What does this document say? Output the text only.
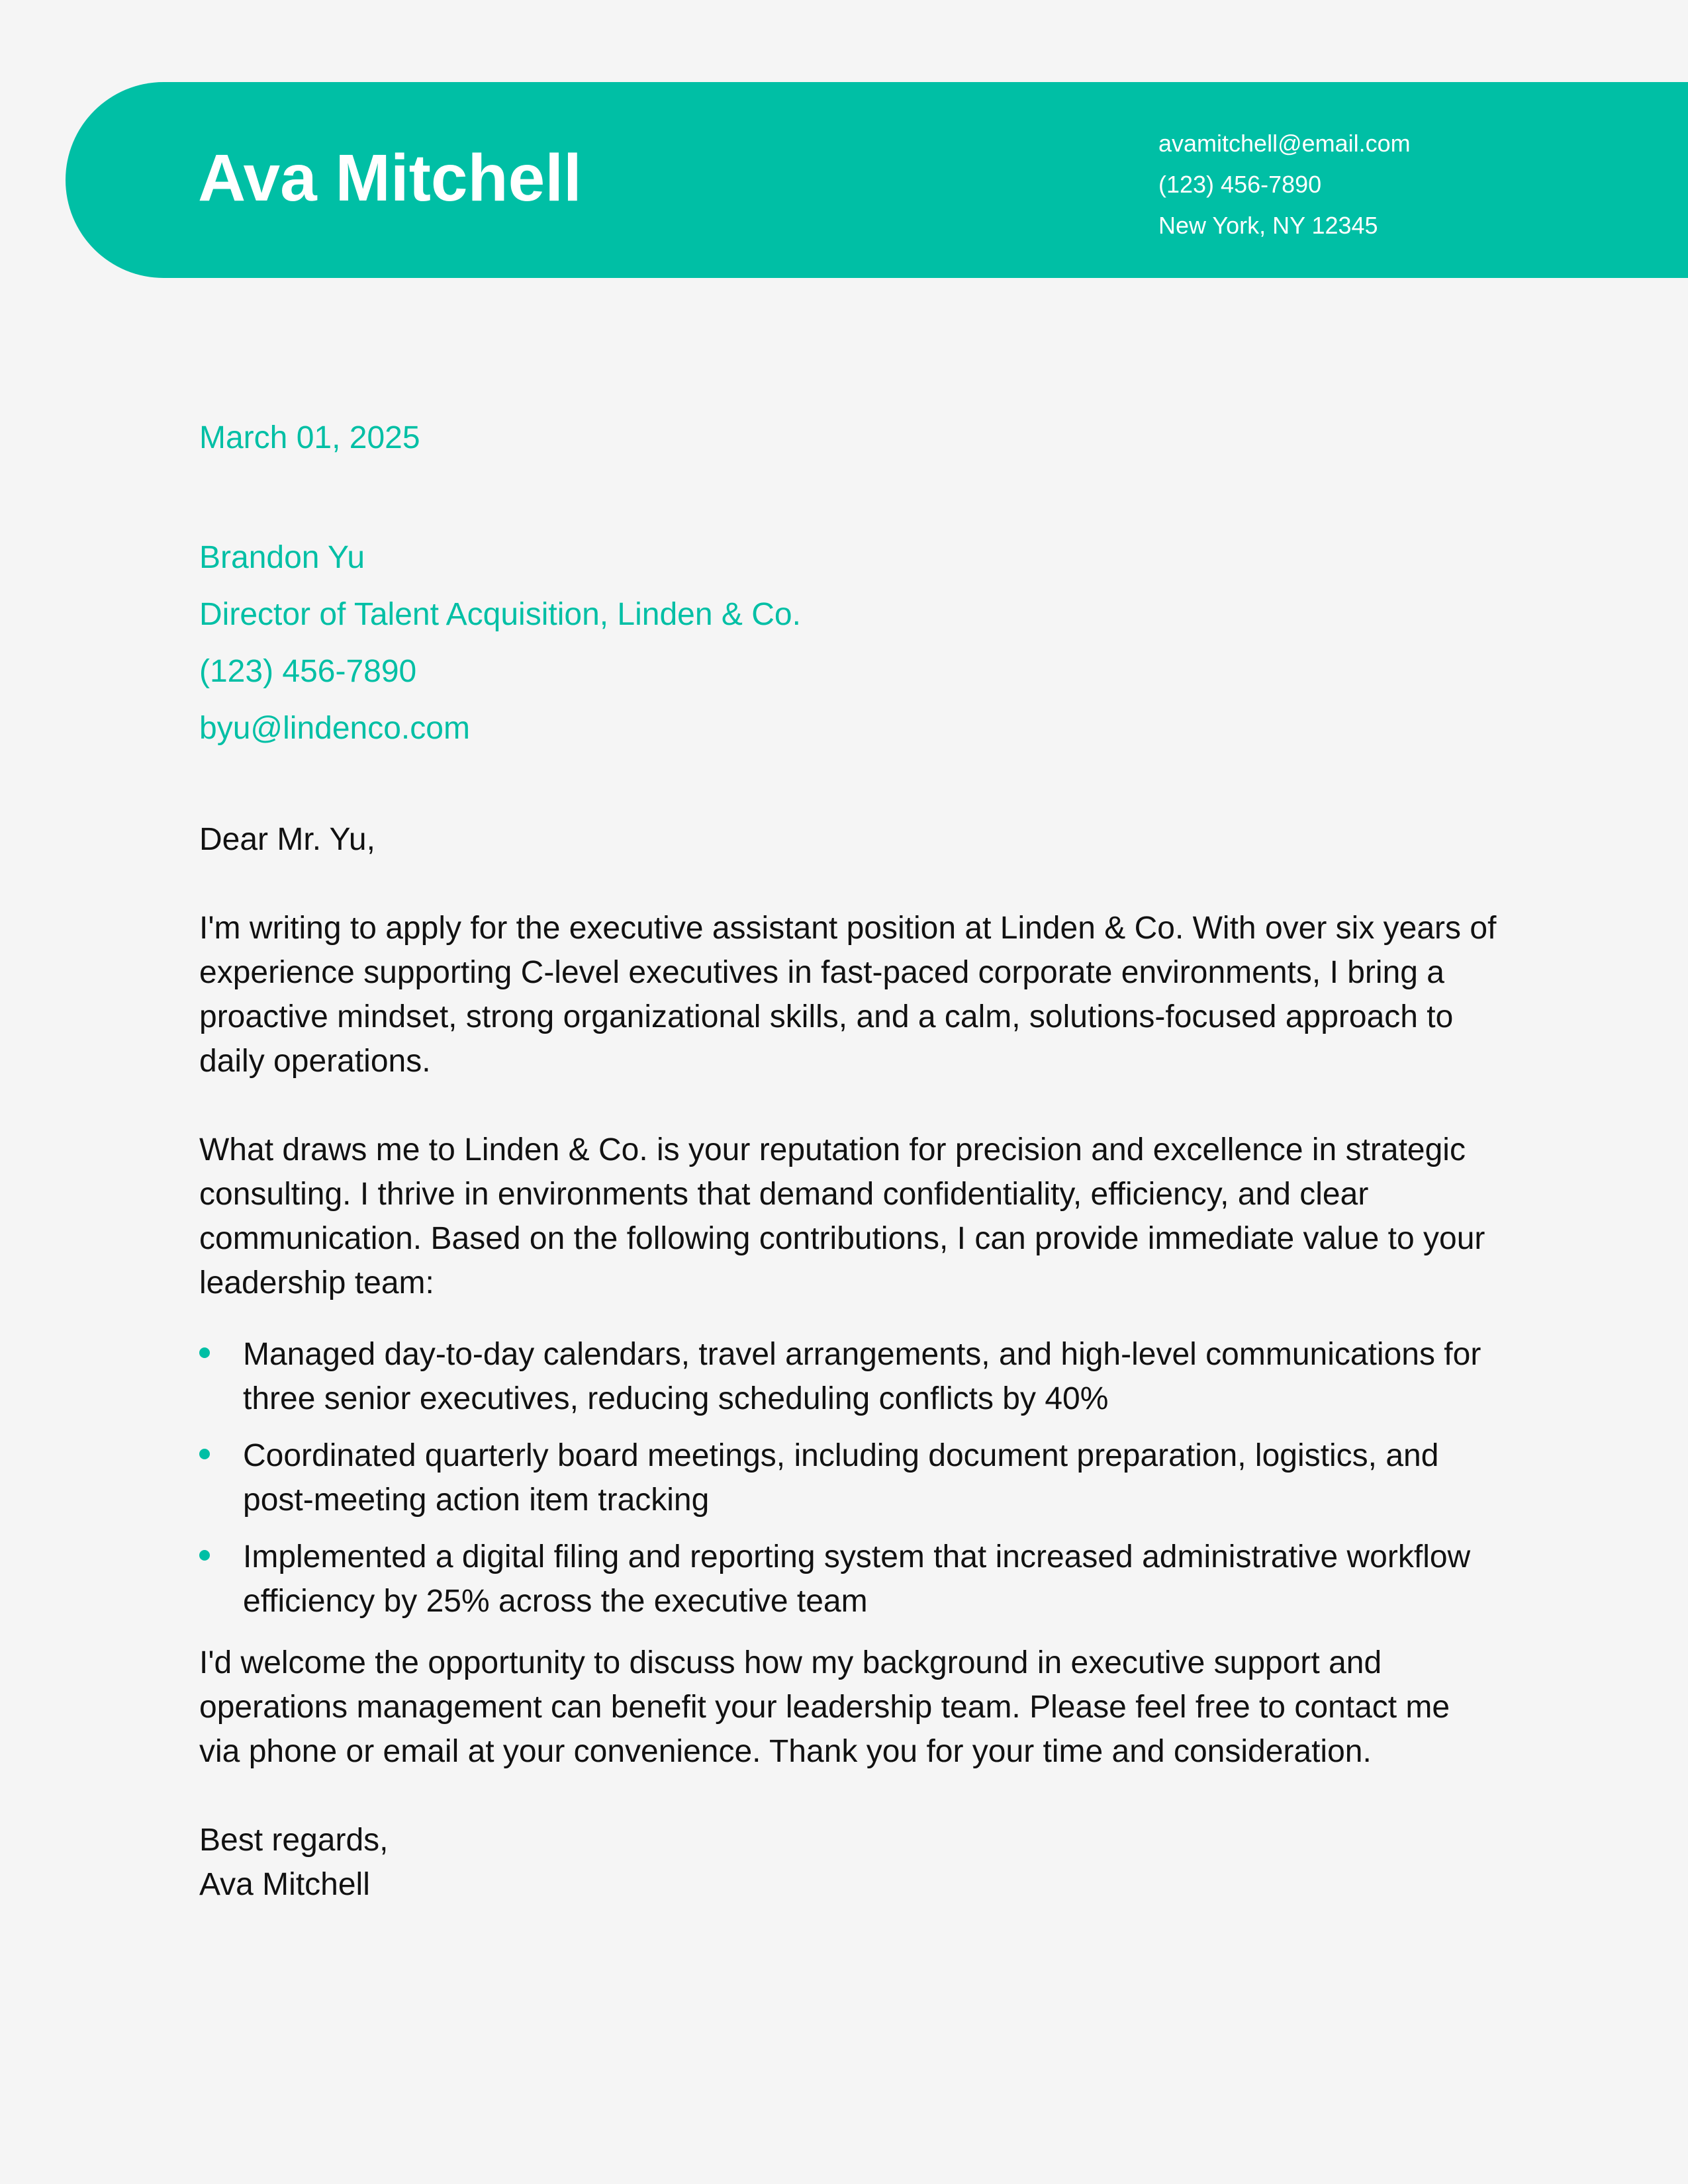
Ava Mitchell	avamitchell@email.com
(123) 456-7890
New York, NY 12345
March 01, 2025
Brandon Yu
Director of Talent Acquisition, Linden & Co.
(123) 456-7890
byu@lindenco.com

Dear Mr. Yu,

I'm writing to apply for the executive assistant position at Linden & Co. With over six years of experience supporting C-level executives in fast-paced corporate environments, I bring a proactive mindset, strong organizational skills, and a calm, solutions-focused approach to daily operations.

What draws me to Linden & Co. is your reputation for precision and excellence in strategic consulting. I thrive in environments that demand confidentiality, efficiency, and clear communication. Based on the following contributions, I can provide immediate value to your leadership team:

Managed day-to-day calendars, travel arrangements, and high-level communications for three senior executives, reducing scheduling conflicts by 40%
Coordinated quarterly board meetings, including document preparation, logistics, and post-meeting action item tracking
Implemented a digital filing and reporting system that increased administrative workflow efficiency by 25% across the executive team

I'd welcome the opportunity to discuss how my background in executive support and operations management can benefit your leadership team. Please feel free to contact me via phone or email at your convenience. Thank you for your time and consideration.

Best regards,

Ava Mitchell
